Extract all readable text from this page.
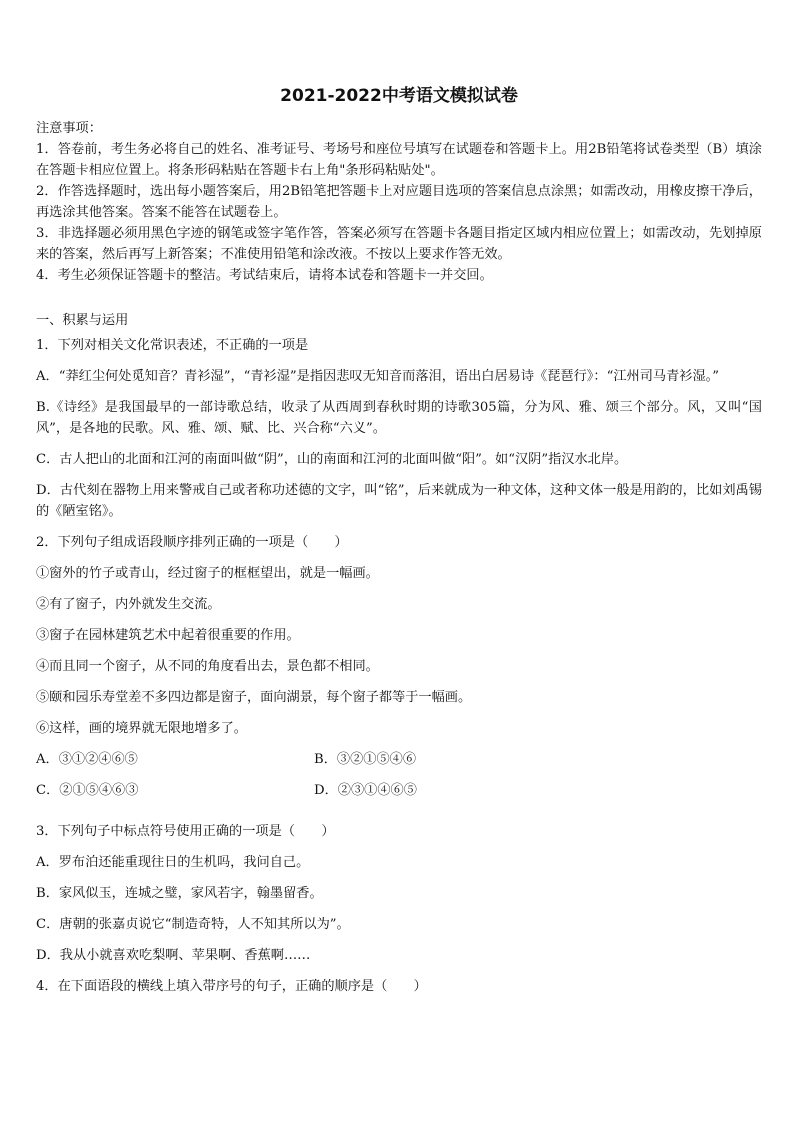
2021-2022中考语文模拟试卷

注意事项：

1．答卷前，考生务必将自己的姓名、准考证号、考场号和座位号填写在试题卷和答题卡上。用2B铅笔将试卷类型（B）填涂在答题卡相应位置上。将条形码粘贴在答题卡右上角"条形码粘贴处"。

2．作答选择题时，选出每小题答案后，用2B铅笔把答题卡上对应题目选项的答案信息点涂黑；如需改动，用橡皮擦干净后，再选涂其他答案。答案不能答在试题卷上。

3．非选择题必须用黑色字迹的钢笔或签字笔作答，答案必须写在答题卡各题目指定区域内相应位置上；如需改动，先划掉原来的答案，然后再写上新答案；不准使用铅笔和涂改液。不按以上要求作答无效。

4．考生必须保证答题卡的整洁。考试结束后，请将本试卷和答题卡一并交回。

一、积累与运用

1．下列对相关文化常识表述，不正确的一项是

A．“莽红尘何处觅知音？青衫湿”，“青衫湿”是指因悲叹无知音而落泪，语出白居易诗《琵琶行》：“江州司马青衫湿。”

B.《诗经》是我国最早的一部诗歌总结，收录了从西周到春秋时期的诗歌305篇，分为风、雅、颂三个部分。风，又叫“国风”，是各地的民歌。风、雅、颂、赋、比、兴合称“六义”。

C．古人把山的北面和江河的南面叫做“阴”，山的南面和江河的北面叫做“阳”。如“汉阴”指汉水北岸。

D．古代刻在器物上用来警戒自己或者称功述德的文字，叫“铭”，后来就成为一种文体，这种文体一般是用韵的，比如刘禹锡的《陋室铭》。

2．下列句子组成语段顺序排列正确的一项是（　　）

①窗外的竹子或青山，经过窗子的框框望出，就是一幅画。

②有了窗子，内外就发生交流。

③窗子在园林建筑艺术中起着很重要的作用。

④而且同一个窗子，从不同的角度看出去，景色都不相同。

⑤颐和园乐寿堂差不多四边都是窗子，面向湖景，每个窗子都等于一幅画。

⑥这样，画的境界就无限地增多了。

A．③①②④⑥⑤	B．③②①⑤④⑥
C．②①⑤④⑥③	D．②③①④⑥⑤

3．下列句子中标点符号使用正确的一项是（　　）

A．罗布泊还能重现往日的生机吗，我问自己。

B．家风似玉，连城之璧，家风若字，翰墨留香。

C．唐朝的张嘉贞说它“制造奇特，人不知其所以为”。

D．我从小就喜欢吃梨啊、苹果啊、香蕉啊……

4．在下面语段的横线上填入带序号的句子，正确的顺序是（　　）
